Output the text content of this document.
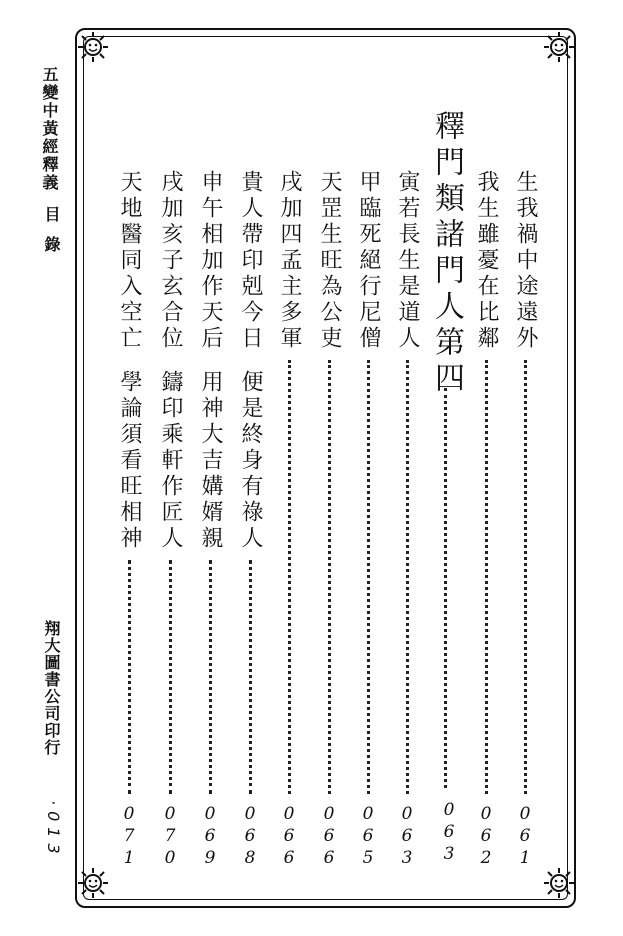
五變中黃經釋義
目錄
翔大圖書公司印行
·013
釋門類諸門人第四
063
生我禍中途遠外
061
我生雖憂在比鄰
062
寅若長生是道人
063
甲臨死絕行尼僧
065
天罡生旺為公吏
066
戌加四孟主多軍
066
貴人帶印剋今日
便是終身有祿人
068
申午相加作天后
用神大吉媾婿親
069
戌加亥子玄合位
鑄印乘軒作匠人
070
天地醫同入空亡
學論須看旺相神
071
